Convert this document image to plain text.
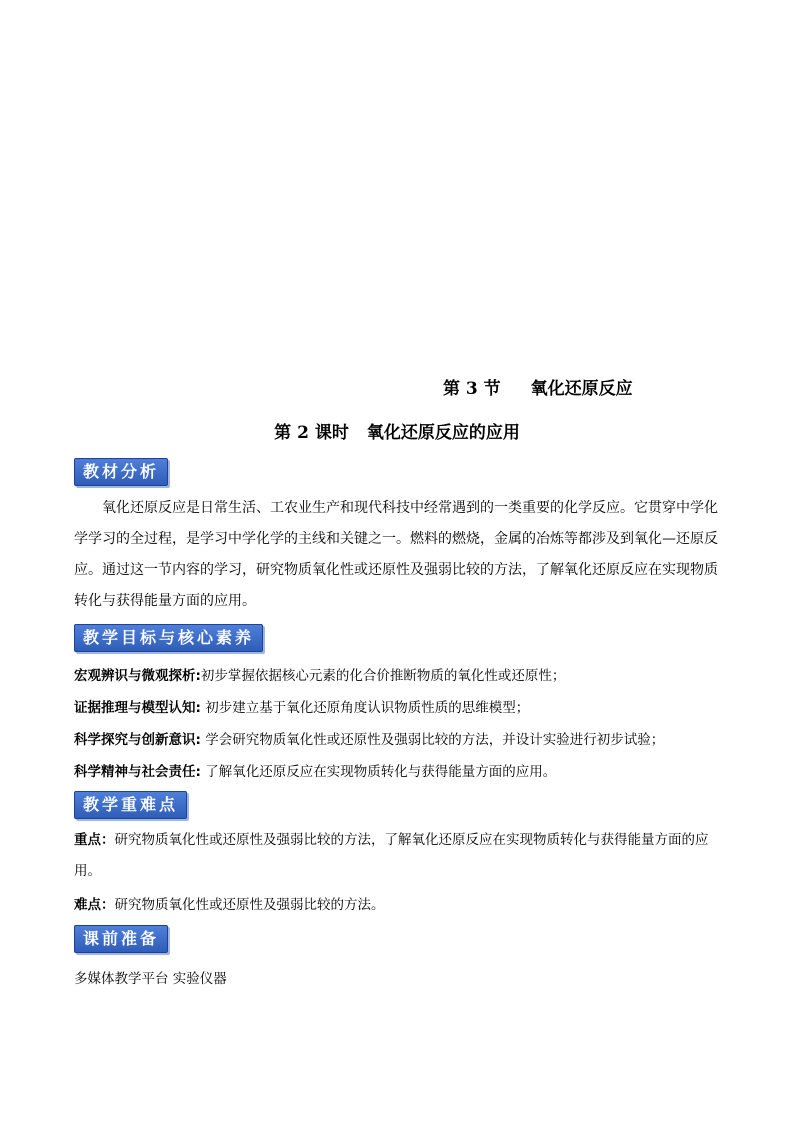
第 3 节 氧化还原反应
第 2 课时 氧化还原反应的应用
教材分析
氧化还原反应是日常生活、工农业生产和现代科技中经常遇到的一类重要的化学反应。它贯穿中学化学学习的全过程，是学习中学化学的主线和关键之一。燃料的燃烧，金属的冶炼等都涉及到氧化—还原反应。通过这一节内容的学习，研究物质氧化性或还原性及强弱比较的方法，了解氧化还原反应在实现物质转化与获得能量方面的应用。
教学目标与核心素养
宏观辨识与微观探析:初步掌握依据核心元素的化合价推断物质的氧化性或还原性；
证据推理与模型认知: 初步建立基于氧化还原角度认识物质性质的思维模型；
科学探究与创新意识: 学会研究物质氧化性或还原性及强弱比较的方法，并设计实验进行初步试验；
科学精神与社会责任: 了解氧化还原反应在实现物质转化与获得能量方面的应用。
教学重难点
重点：研究物质氧化性或还原性及强弱比较的方法，了解氧化还原反应在实现物质转化与获得能量方面的应用。
难点：研究物质氧化性或还原性及强弱比较的方法。
课前准备
多媒体教学平台 实验仪器
